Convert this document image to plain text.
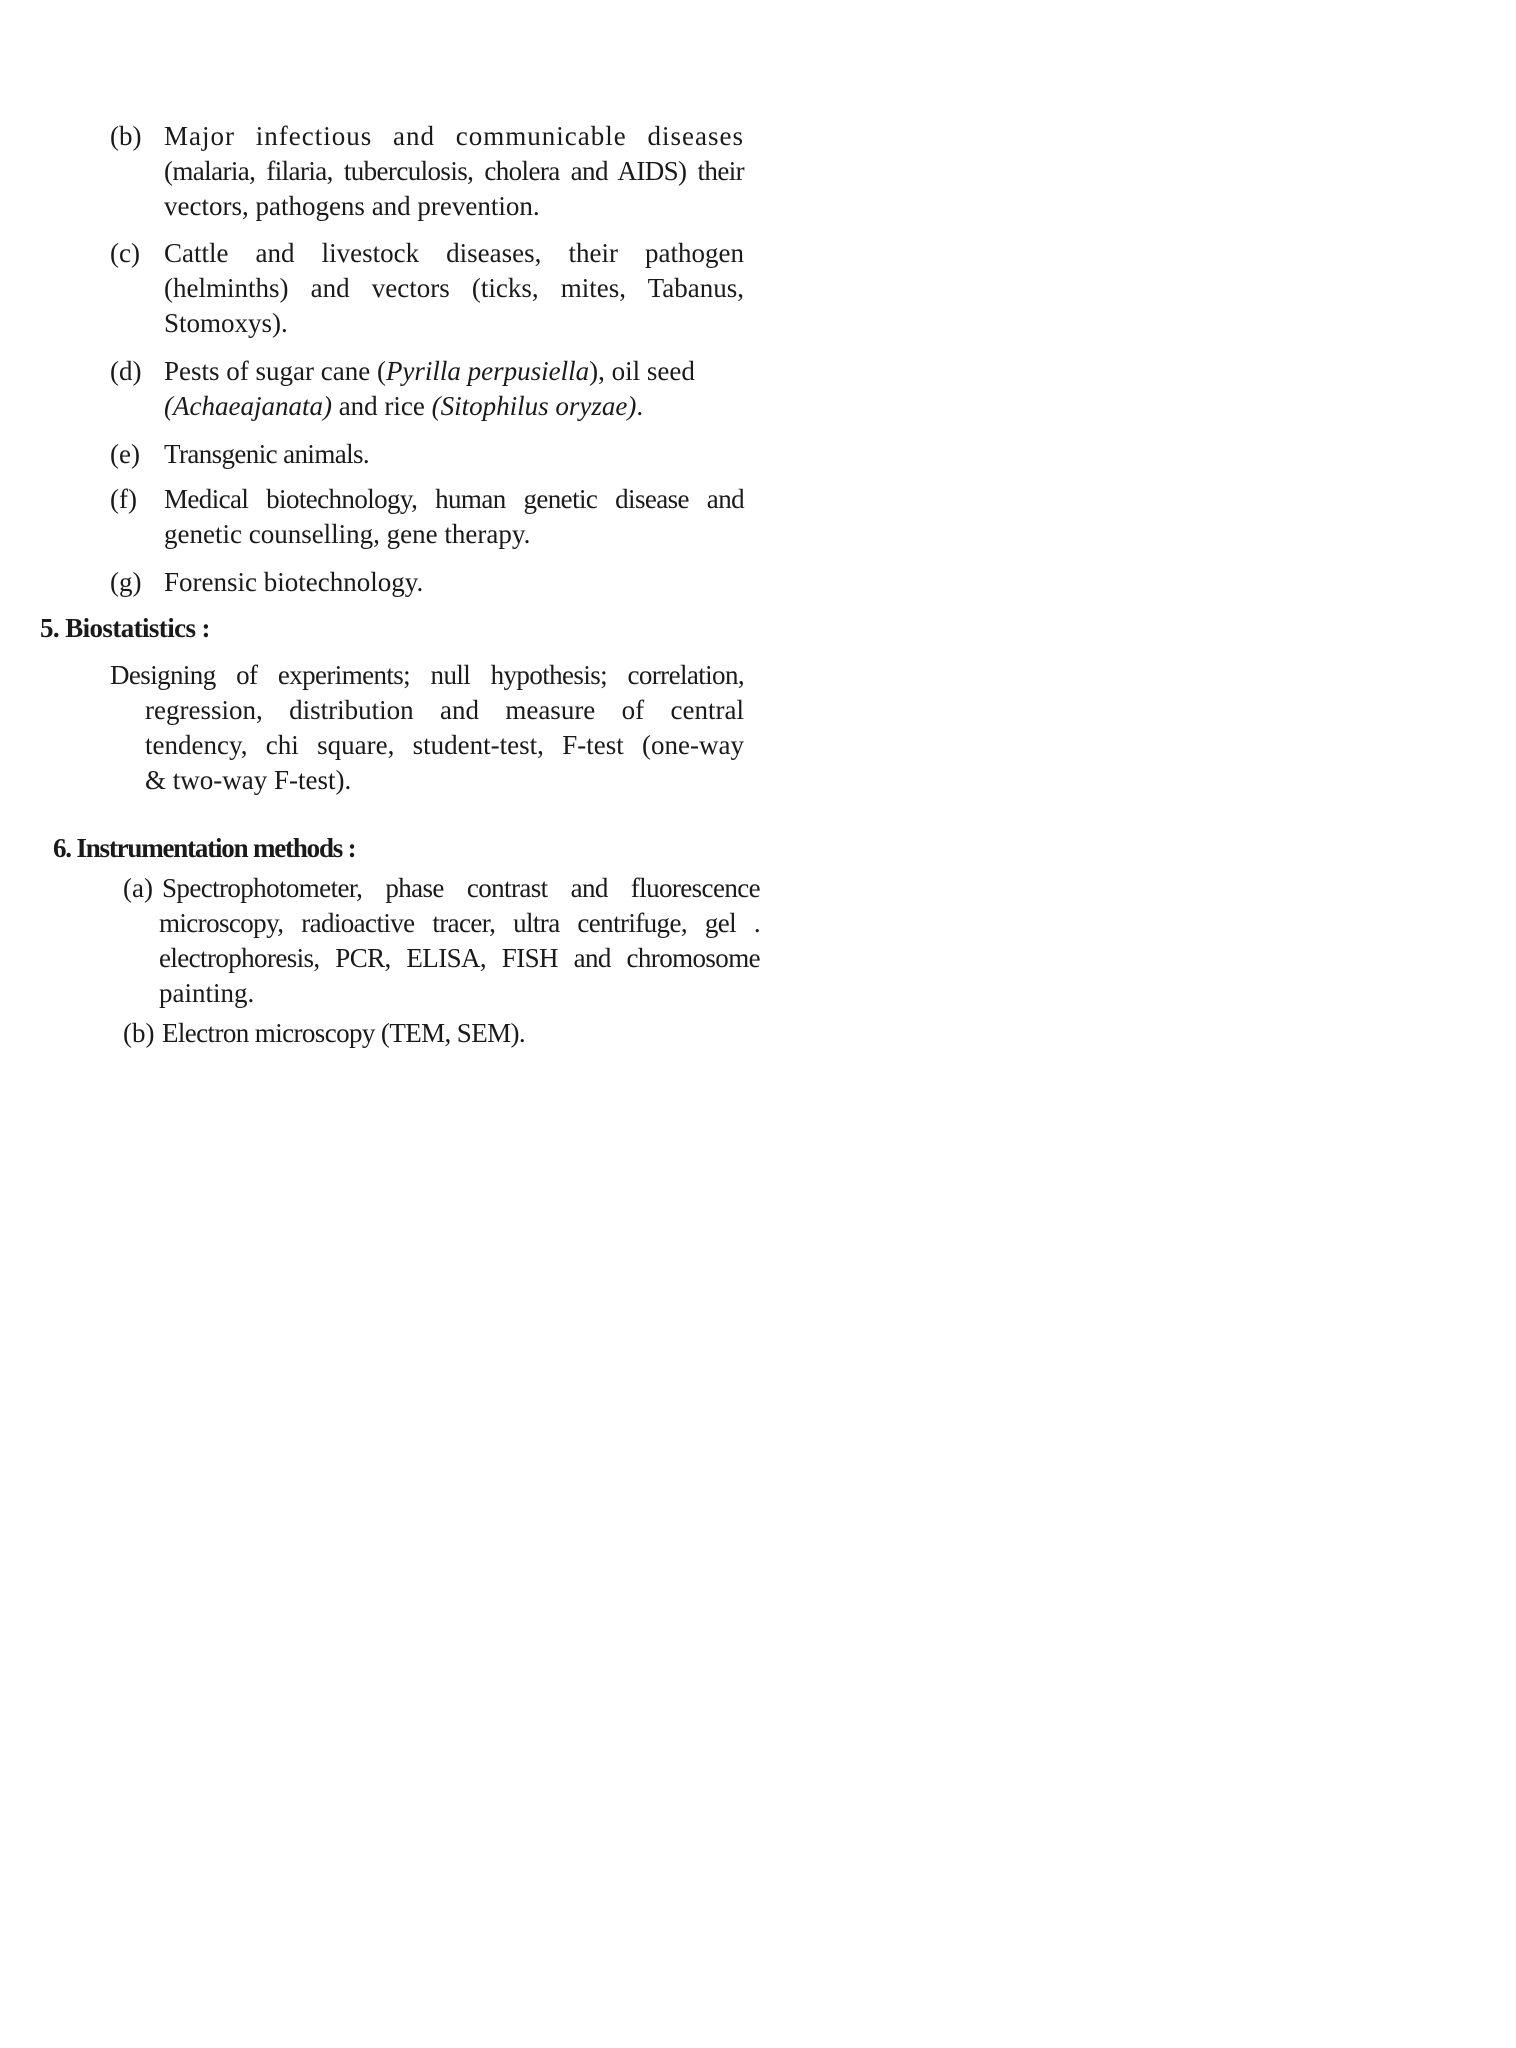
(b) Major infectious and communicable diseases
(malaria, filaria, tuberculosis, cholera and AIDS) their
vectors, pathogens and prevention.
(c) Cattle and livestock diseases, their pathogen
(helminths) and vectors (ticks, mites, Tabanus,
Stomoxys).
(d) Pests of sugar cane (Pyrilla perpusiella), oil seed
(Achaeajanata) and rice (Sitophilus oryzae).
(e) Transgenic animals.
(f) Medical biotechnology, human genetic disease and
genetic counselling, gene therapy.
(g) Forensic biotechnology.
5. Biostatistics :
Designing of experiments; null hypothesis; correlation,
regression, distribution and measure of central
tendency, chi square, student-test, F-test (one-way
& two-way F-test).
6. Instrumentation methods :
(a) Spectrophotometer, phase contrast and fluorescence
microscopy, radioactive tracer, ultra centrifuge, gel .
electrophoresis, PCR, ELISA, FISH and chromosome
painting.
(b) Electron microscopy (TEM, SEM).
